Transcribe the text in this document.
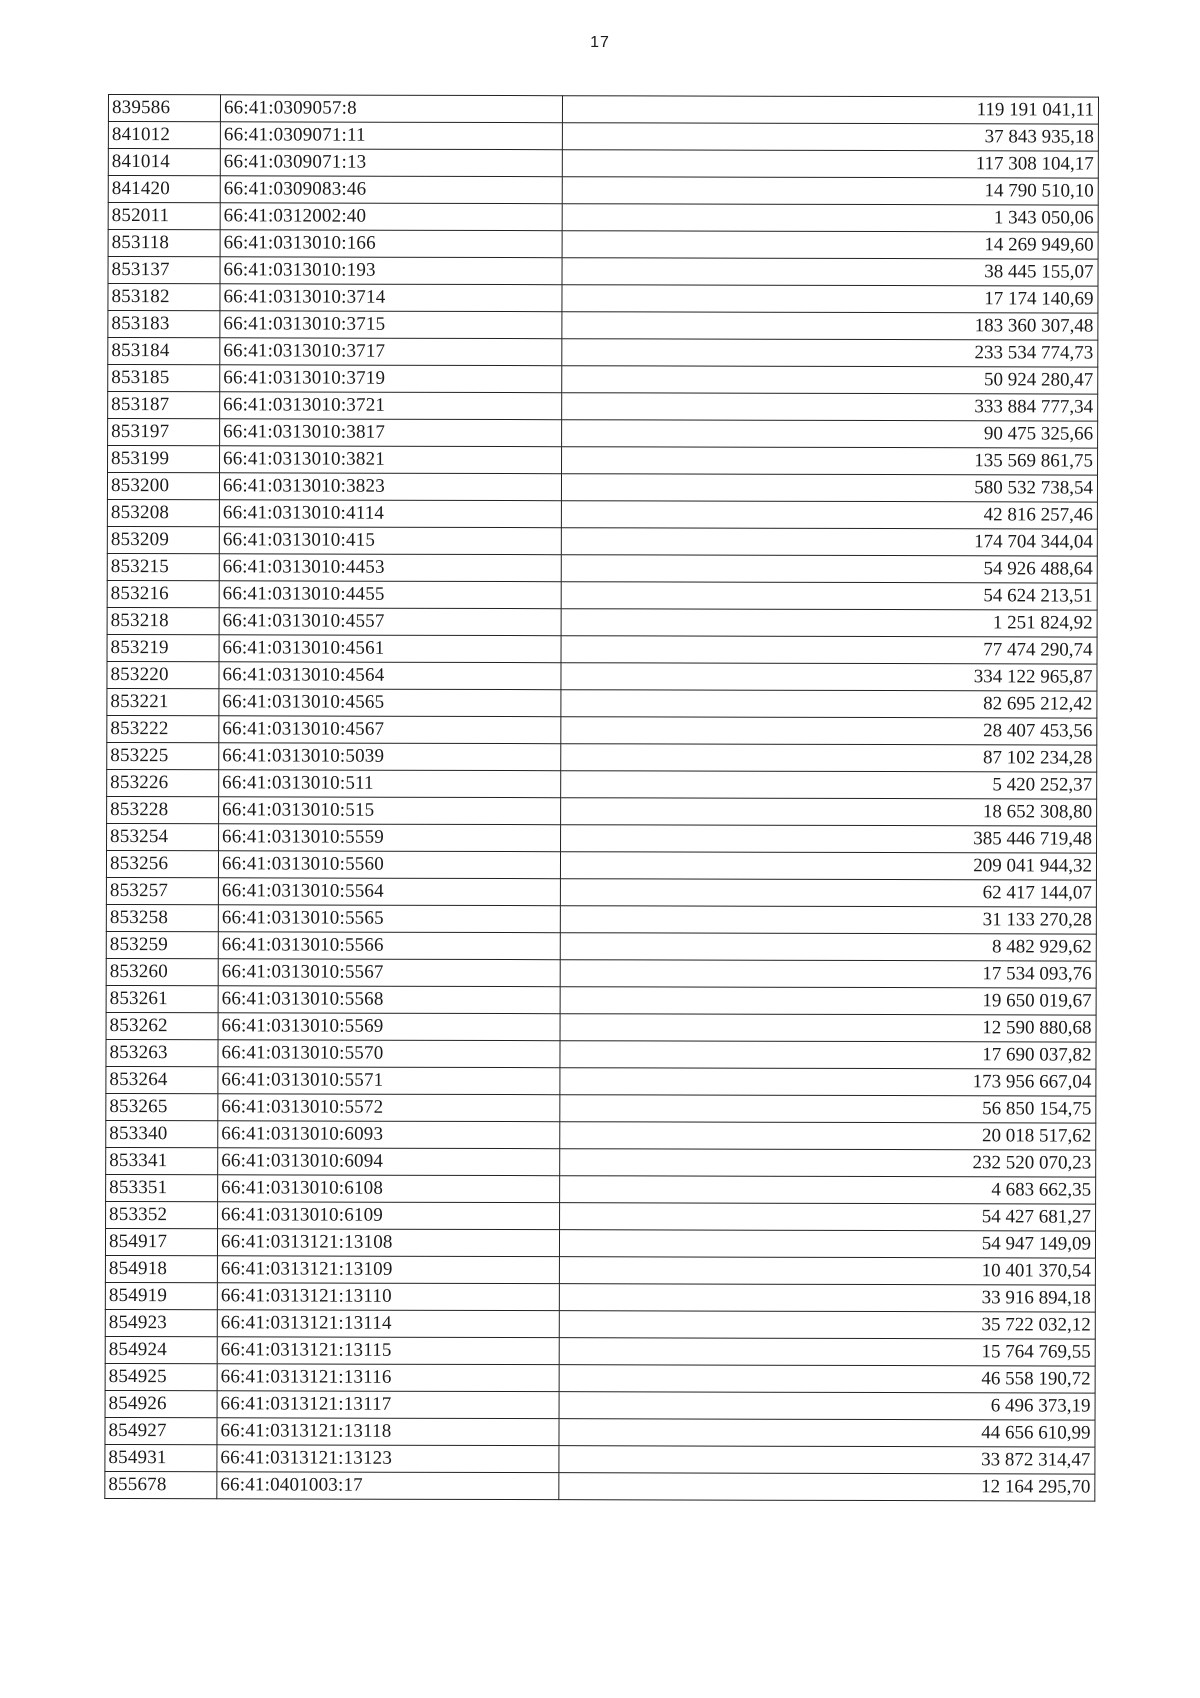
17
839586	66:41:0309057:8	119 191 041,11
841012	66:41:0309071:11	37 843 935,18
841014	66:41:0309071:13	117 308 104,17
841420	66:41:0309083:46	14 790 510,10
852011	66:41:0312002:40	1 343 050,06
853118	66:41:0313010:166	14 269 949,60
853137	66:41:0313010:193	38 445 155,07
853182	66:41:0313010:3714	17 174 140,69
853183	66:41:0313010:3715	183 360 307,48
853184	66:41:0313010:3717	233 534 774,73
853185	66:41:0313010:3719	50 924 280,47
853187	66:41:0313010:3721	333 884 777,34
853197	66:41:0313010:3817	90 475 325,66
853199	66:41:0313010:3821	135 569 861,75
853200	66:41:0313010:3823	580 532 738,54
853208	66:41:0313010:4114	42 816 257,46
853209	66:41:0313010:415	174 704 344,04
853215	66:41:0313010:4453	54 926 488,64
853216	66:41:0313010:4455	54 624 213,51
853218	66:41:0313010:4557	1 251 824,92
853219	66:41:0313010:4561	77 474 290,74
853220	66:41:0313010:4564	334 122 965,87
853221	66:41:0313010:4565	82 695 212,42
853222	66:41:0313010:4567	28 407 453,56
853225	66:41:0313010:5039	87 102 234,28
853226	66:41:0313010:511	5 420 252,37
853228	66:41:0313010:515	18 652 308,80
853254	66:41:0313010:5559	385 446 719,48
853256	66:41:0313010:5560	209 041 944,32
853257	66:41:0313010:5564	62 417 144,07
853258	66:41:0313010:5565	31 133 270,28
853259	66:41:0313010:5566	8 482 929,62
853260	66:41:0313010:5567	17 534 093,76
853261	66:41:0313010:5568	19 650 019,67
853262	66:41:0313010:5569	12 590 880,68
853263	66:41:0313010:5570	17 690 037,82
853264	66:41:0313010:5571	173 956 667,04
853265	66:41:0313010:5572	56 850 154,75
853340	66:41:0313010:6093	20 018 517,62
853341	66:41:0313010:6094	232 520 070,23
853351	66:41:0313010:6108	4 683 662,35
853352	66:41:0313010:6109	54 427 681,27
854917	66:41:0313121:13108	54 947 149,09
854918	66:41:0313121:13109	10 401 370,54
854919	66:41:0313121:13110	33 916 894,18
854923	66:41:0313121:13114	35 722 032,12
854924	66:41:0313121:13115	15 764 769,55
854925	66:41:0313121:13116	46 558 190,72
854926	66:41:0313121:13117	6 496 373,19
854927	66:41:0313121:13118	44 656 610,99
854931	66:41:0313121:13123	33 872 314,47
855678	66:41:0401003:17	12 164 295,70
